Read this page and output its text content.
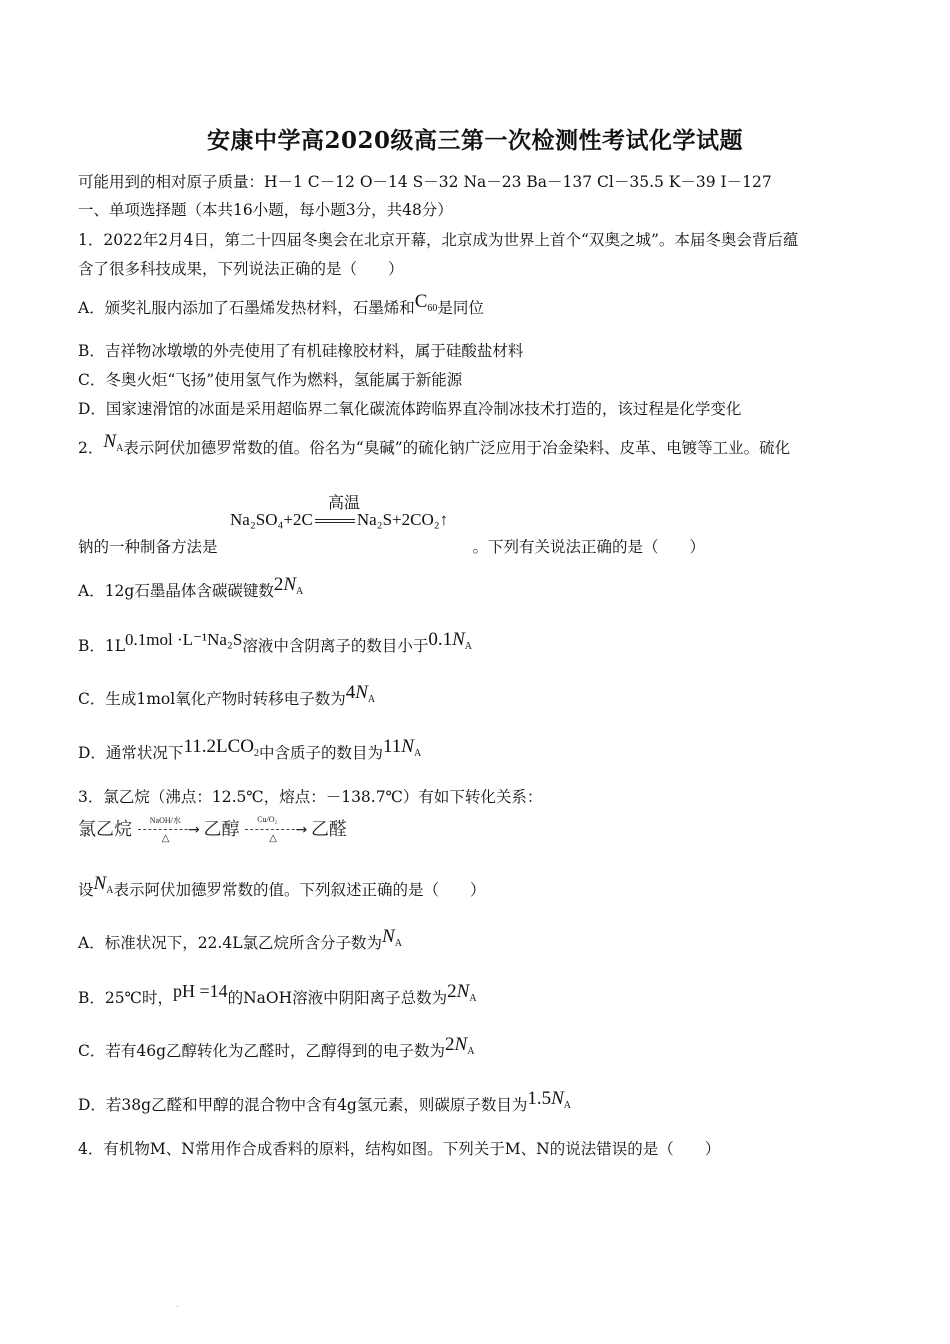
安康中学高2020级高三第一次检测性考试化学试题
可能用到的相对原子质量：H－1 C－12 O－14 S－32 Na－23 Ba－137 Cl－35.5 K－39 I－127
一、单项选择题（本共16小题，每小题3分，共48分）
1．2022年2月4日，第二十四届冬奥会在北京开幕，北京成为世界上首个“双奥之城”。本届冬奥会背后蕴
含了很多科技成果，下列说法正确的是（　　）
A．颁奖礼服内添加了石墨烯发热材料，石墨烯和$C_{60}$是同位
B．吉祥物冰墩墩的外壳使用了有机硅橡胶材料，属于硅酸盐材料
C．冬奥火炬“飞扬”使用氢气作为燃料，氢能属于新能源
D．国家速滑馆的冰面是采用超临界二氧化碳流体跨临界直冷制冰技术打造的，该过程是化学变化
2．$N_A$表示阿伏加德罗常数的值。俗名为“臭碱”的硫化钠广泛应用于冶金染料、皮革、电镀等工业。硫化
高温
Na₂SO₄+2C	Na₂S+2CO₂↑
钠的一种制备方法是	。下列有关说法正确的是（　　）
A．12g石墨晶体含碳碳键数$2N_A$
B．1L0.1mol ·L⁻¹Na₂S溶液中含阴离子的数目小于$0.1N_A$
C．生成1mol氧化产物时转移电子数为$4N_A$
D．通常状况下$11.2LCO_2$中含质子的数目为$11N_A$
3．氯乙烷（沸点：12.5℃，熔点：－138.7℃）有如下转化关系：
氯乙烷 NaOH/水
→
△ 乙醇 Cu/O₂
→
△ 乙醛
设$N_A$表示阿伏加德罗常数的值。下列叙述正确的是（　　）
A．标准状况下，22.4L氯乙烷所含分子数为$N_A$
B．25℃时，pH =14的NaOH溶液中阴阳离子总数为$2N_A$
C．若有46g乙醇转化为乙醛时，乙醇得到的电子数为$2N_A$
D．若38g乙醛和甲醇的混合物中含有4g氢元素，则碳原子数目为$1.5N_A$
4．有机物M、N常用作合成香料的原料，结构如图。下列关于M、N的说法错误的是（　　）
.
